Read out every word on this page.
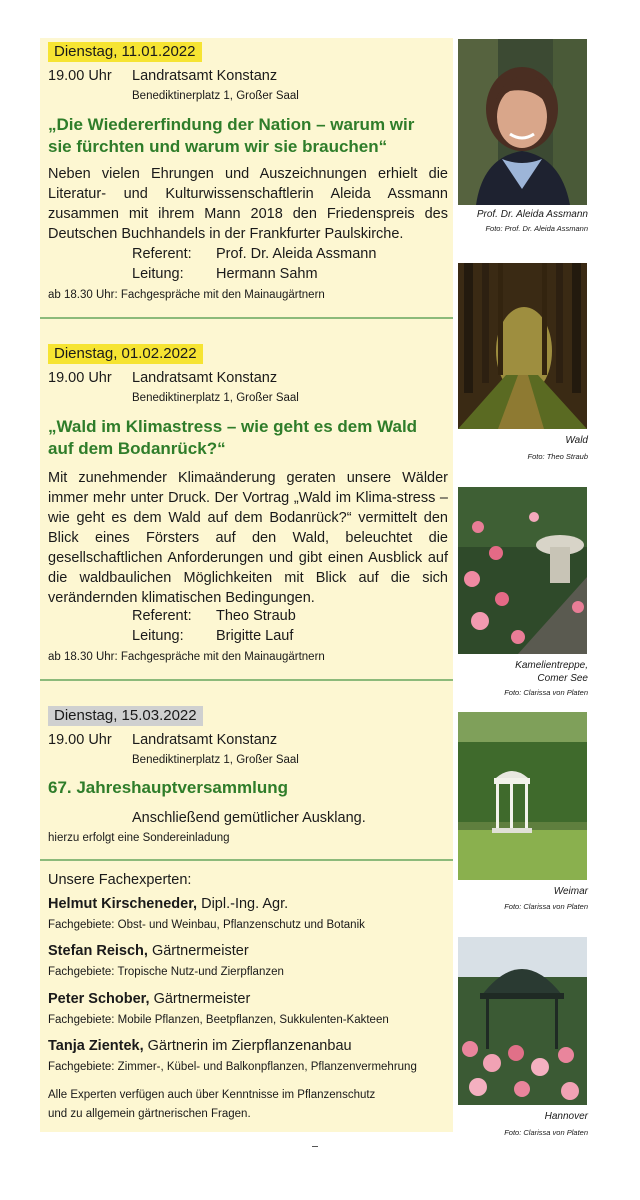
Dienstag, 11.01.2022
19.00 Uhr Landratsamt Konstanz
Benediktinerplatz 1, Großer Saal
„Die Wiedererfindung der Nation – warum wir
sie fürchten und warum wir sie brauchen“
Neben vielen Ehrungen und Auszeichnungen erhielt die Literatur- und Kulturwissenschaftlerin Aleida Assmann zusammen mit ihrem Mann 2018 den Friedenspreis des Deutschen Buchhandels in der Frankfurter Paulskirche.
Referent: Prof. Dr. Aleida Assmann
Leitung: Hermann Sahm
ab 18.30 Uhr: Fachgespräche mit den Mainaugärtnern
Dienstag, 01.02.2022
19.00 Uhr Landratsamt Konstanz
Benediktinerplatz 1, Großer Saal
„Wald im Klimastress – wie geht es dem Wald
auf dem Bodanrück?“
Mit zunehmender Klimaänderung geraten unsere Wälder immer mehr unter Druck. Der Vortrag „Wald im Klima-stress – wie geht es dem Wald auf dem Bodanrück?“ vermittelt den Blick eines Försters auf den Wald, beleuchtet die gesellschaftlichen Anforderungen und gibt einen Ausblick auf die waldbaulichen Möglichkeiten mit Blick auf die sich verändernden klimatischen Bedingungen.
Referent: Theo Straub
Leitung: Brigitte Lauf
ab 18.30 Uhr: Fachgespräche mit den Mainaugärtnern
Dienstag, 15.03.2022
19.00 Uhr Landratsamt Konstanz
Benediktinerplatz 1, Großer Saal
67. Jahreshauptversammlung
Anschließend gemütlicher Ausklang.
hierzu erfolgt eine Sondereinladung
Unsere Fachexperten:
Helmut Kirscheneder, Dipl.-Ing. Agr.
Fachgebiete: Obst- und Weinbau, Pflanzenschutz und Botanik
Stefan Reisch, Gärtnermeister
Fachgebiete: Tropische Nutz-und Zierpflanzen
Peter Schober, Gärtnermeister
Fachgebiete: Mobile Pflanzen, Beetpflanzen, Sukkulenten-Kakteen
Tanja Zientek, Gärtnerin im Zierpflanzenanbau
Fachgebiete: Zimmer-, Kübel- und Balkonpflanzen, Pflanzenvermehrung
Alle Experten verfügen auch über Kenntnisse im Pflanzenschutz
und zu allgemein gärtnerischen Fragen.
Prof. Dr. Aleida Assmann
Foto: Prof. Dr. Aleida Assmann
Wald
Foto: Theo Straub
Kamelientreppe,
Comer See
Foto: Clarissa von Platen
Weimar
Foto: Clarissa von Platen
Hannover
Foto: Clarissa von Platen
